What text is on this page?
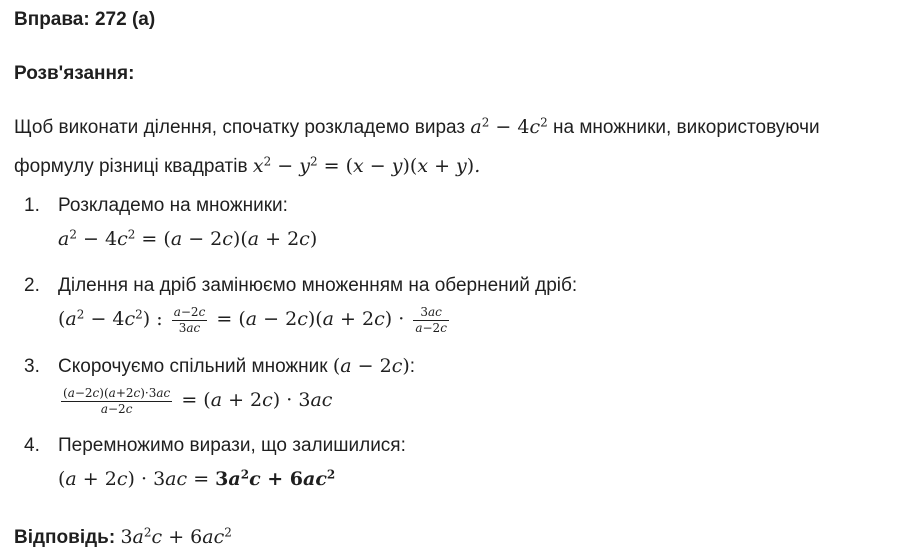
Вправа: 272 (а)
Розв'язання:
Щоб виконати ділення, спочатку розкладемо вираз $a^2 - 4c^2$ на множники, використовуючи формулу різниці квадратів $x^2 - y^2 = (x - y)(x + y)$.
1. Розкладемо на множники:
$a^2 - 4c^2 = (a - 2c)(a + 2c)$
2. Ділення на дріб замінюємо множенням на обернений дріб:
$(a^2 - 4c^2)$ : $\frac{a-2c}{3ac} = (a - 2c)(a + 2c) \cdot \frac{3ac}{a-2c}$
3. Скорочуємо спільний множник (a − 2c):
$\frac{(a-2c)(a+2c)\cdot 3ac}{a-2c} = (a + 2c) \cdot 3ac$
4. Перемножимо вирази, що залишилися:
$(a + 2c) \cdot 3ac = 3a^2c + 6ac^2$
Відповідь: $3a^2c + 6ac^2$
